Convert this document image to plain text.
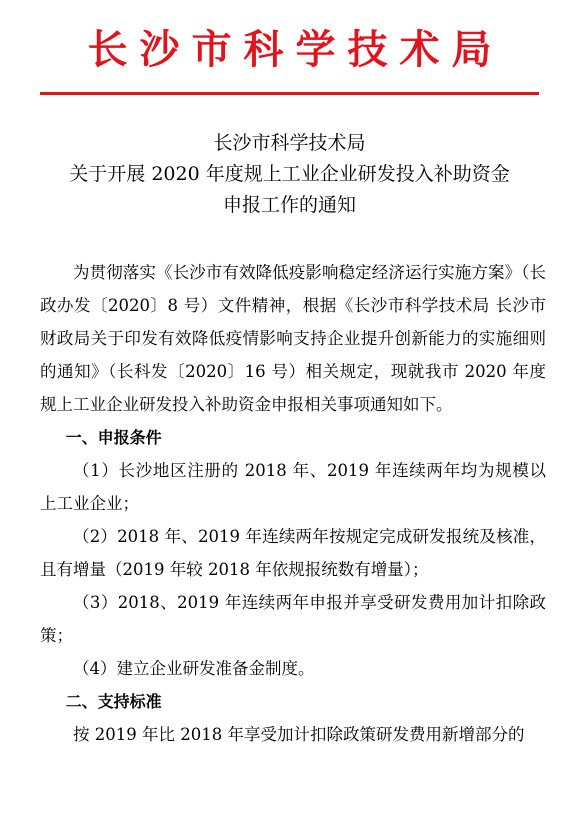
长沙市科学技术局
长沙市科学技术局
关于开展 2020 年度规上工业企业研发投入补助资金
申报工作的通知

为贯彻落实《长沙市有效降低疫影响稳定经济运行实施方案》（长政办发〔2020〕8 号）文件精神，根据《长沙市科学技术局 长沙市财政局关于印发有效降低疫情影响支持企业提升创新能力的实施细则的通知》（长科发〔2020〕16 号）相关规定，现就我市 2020 年度规上工业企业研发投入补助资金申报相关事项通知如下。

一、申报条件

（1）长沙地区注册的 2018 年、2019 年连续两年均为规模以上工业企业；

（2）2018 年、2019 年连续两年按规定完成研发报统及核准，且有增量（2019 年较 2018 年依规报统数有增量）；

（3）2018、2019 年连续两年申报并享受研发费用加计扣除政策；

（4）建立企业研发准备金制度。

二、支持标准

按 2019 年比 2018 年享受加计扣除政策研发费用新增部分的
